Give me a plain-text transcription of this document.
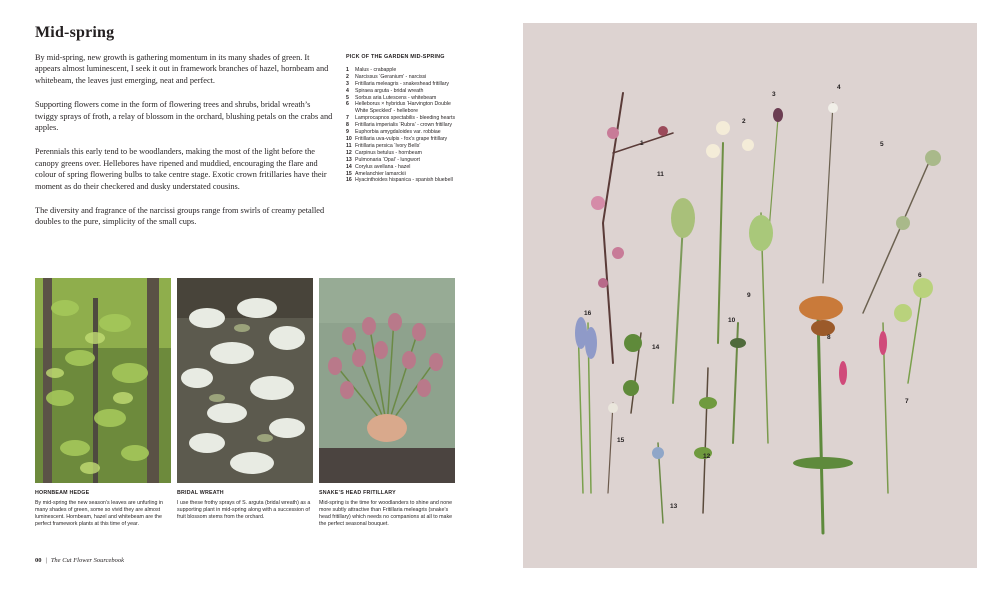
Mid-spring

By mid-spring, new growth is gathering momentum in its many shades of green. It appears almost luminescent, I seek it out in framework branches of hazel, hornbeam and whitebeam, the leaves just emerging, neat and perfect.

Supporting flowers come in the form of flowering trees and shrubs, bridal wreath’s twiggy sprays of froth, a relay of blossom in the orchard, blushing petals on the crabs and apples.

Perennials this early tend to be woodlanders, making the most of the light before the canopy greens over. Hellebores have ripened and muddied, encouraging the flare and colour of spring flowering bulbs to take centre stage. Exotic crown fritillaries have their moment as do their checkered and dusky understated cousins.

The diversity and fragrance of the narcissi groups range from swirls of creamy petalled doubles to the pure, simplicity of the small cups.

PICK OF THE GARDEN MID-SPRING
1	Malus - crabapple
2	Narcissus ‘Geranium’ - narcissi
3	Fritillaria meleagris - snakeshead fritillary
4	Spiraea arguta - bridal wreath
5	Sorbus aria Lutescens - whitebeam
6	Helleborus × hybridus ‘Harvington Double White Speckled’ - hellebore
7	Lamprocapnos spectabilis - bleeding hearts
8	Fritillaria imperialis ‘Rubra’ - crown fritillary
9	Euphorbia amygdaloides var. robbiae
10 Fritillaria uva-vulpis - fox’s grape fritillary
11 Fritillaria persica ‘Ivory Bells’
12 Carpinus betulus - hornbeam
13 Pulmonaria ‘Opal’ - lungwort
14 Corylus avellana - hazel
15 Amelanchier lamarckii
16 Hyacinthoides hispanica - spanish bluebell
HORNBEAM HEDGE
By mid-spring the new season’s leaves are unfurling in many shades of green, some so vivid they are almost luminescent. Hornbeam, hazel and whitebeam are the perfect framework plants at this time of year.
BRIDAL WREATH
I use these frothy sprays of S. arguta (bridal wreath) as a supporting plant in mid-spring along with a succession of fruit blossom stems from the orchard.
SNAKE’S HEAD FRITILLARY
Mid-spring is the time for woodlanders to shine and none more subtly attractive than Fritillaria meleagris (snake’s head fritillary) which needs no companions at all to make the perfect seasonal bouquet.
00 | The Cut Flower Sourcebook
1
2
3
4
5
6
7
8
9
10
11
12
13
14
15
16
